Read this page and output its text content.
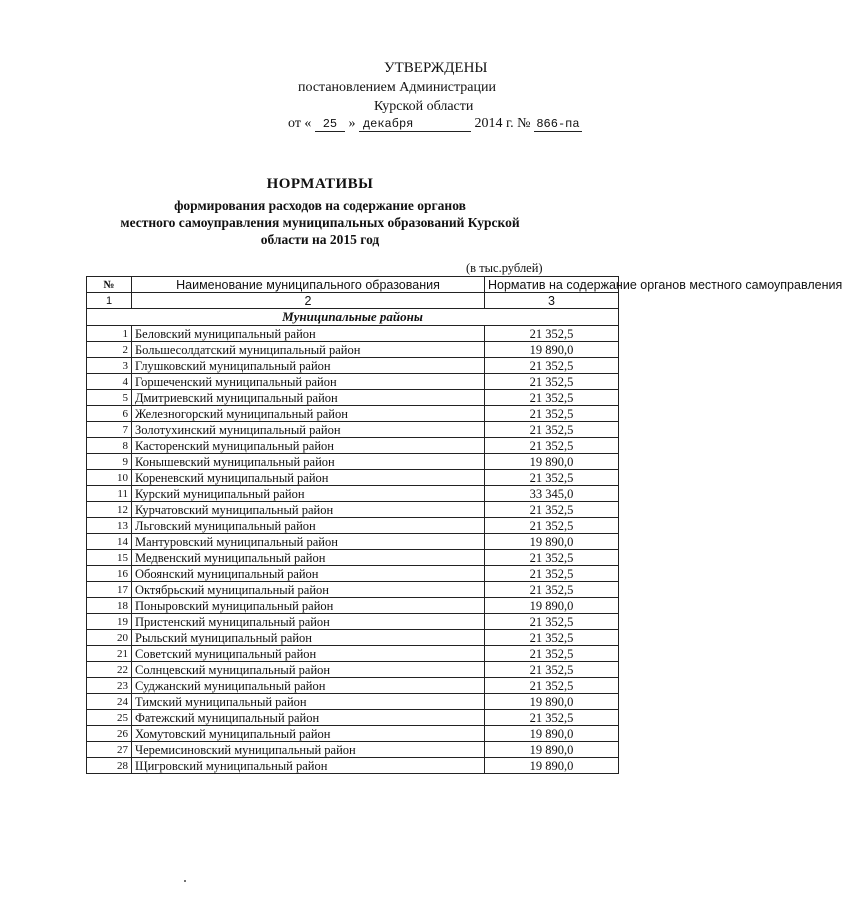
УТВЕРЖДЕНЫ
постановлением Администрации
Курской области
от « 25 » декабря	2014 г. № 866-па
НОРМАТИВЫ
формирования расходов на содержание органов
местного самоуправления муниципальных образований Курской
области на 2015 год
(в тыс.рублей)
№	Наименование муниципального образования	Норматив на содержание органов местного самоуправления
1	2	3
Муниципальные районы		
1	Беловский муниципальный район	21 352,5
2	Большесолдатский муниципальный район	19 890,0
3	Глушковский муниципальный район	21 352,5
4	Горшеченский муниципальный район	21 352,5
5	Дмитриевский муниципальный район	21 352,5
6	Железногорский муниципальный район	21 352,5
7	Золотухинский муниципальный район	21 352,5
8	Касторенский муниципальный район	21 352,5
9	Конышевский муниципальный район	19 890,0
10	Кореневский муниципальный район	21 352,5
11	Курский муниципальный район	33 345,0
12	Курчатовский муниципальный район	21 352,5
13	Льговский муниципальный район	21 352,5
14	Мантуровский муниципальный район	19 890,0
15	Медвенский муниципальный район	21 352,5
16	Обоянский муниципальный район	21 352,5
17	Октябрьский муниципальный район	21 352,5
18	Поныровский муниципальный район	19 890,0
19	Пристенский муниципальный район	21 352,5
20	Рыльский муниципальный район	21 352,5
21	Советский муниципальный район	21 352,5
22	Солнцевский муниципальный район	21 352,5
23	Суджанский муниципальный район	21 352,5
24	Тимский муниципальный район	19 890,0
25	Фатежский муниципальный район	21 352,5
26	Хомутовский муниципальный район	19 890,0
27	Черемисиновский муниципальный район	19 890,0
28	Щигровский муниципальный район	19 890,0
